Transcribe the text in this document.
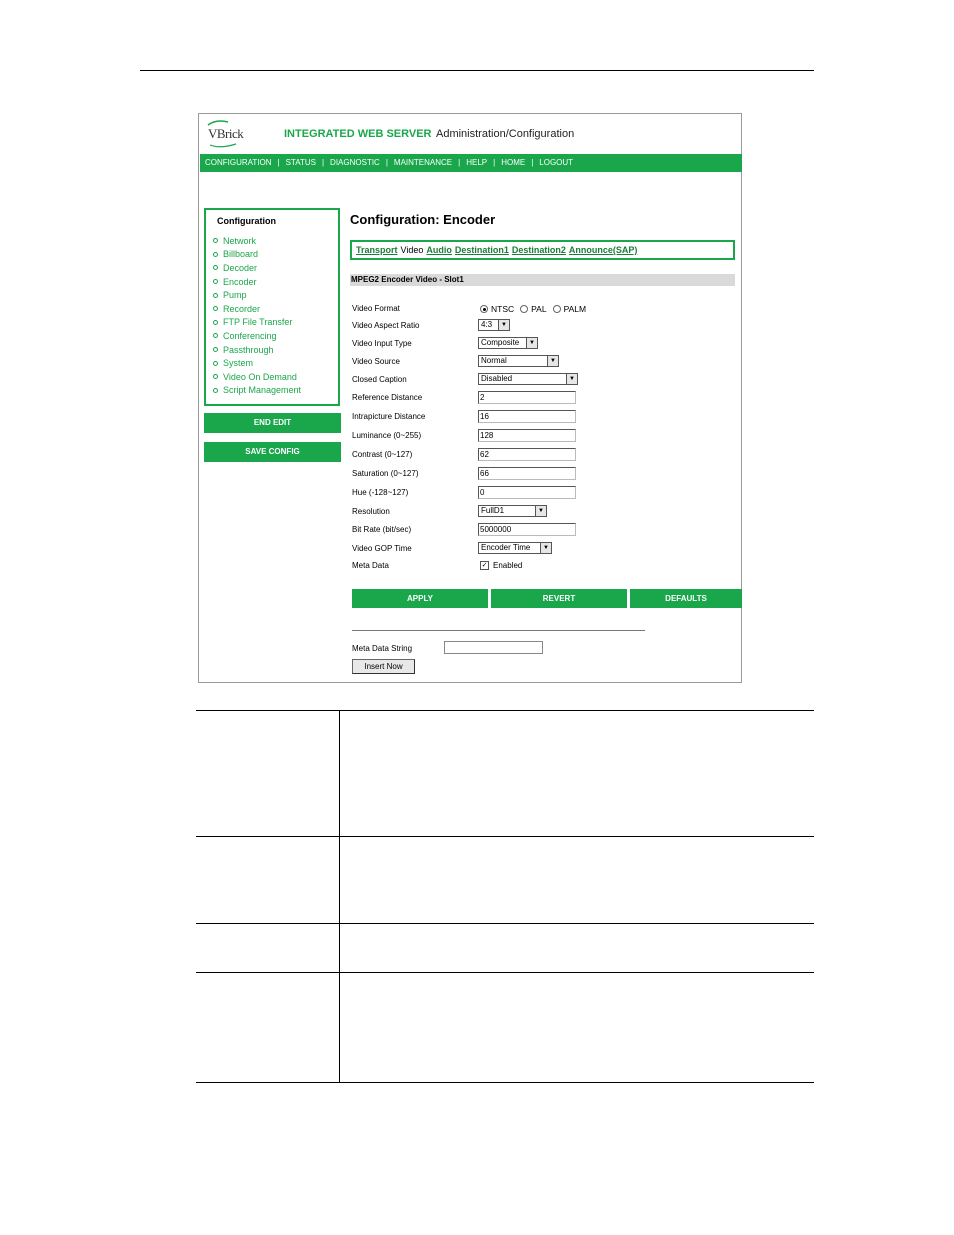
VBrick	INTEGRATED WEB SERVER Administration/Configuration
CONFIGURATION | STATUS | DIAGNOSTIC | MAINTENANCE | HELP | HOME | LOGOUT
Configuration
Network
Billboard
Decoder
Encoder
Pump
Recorder
FTP File Transfer
Conferencing
Passthrough
System
Video On Demand
Script Management
END EDIT
SAVE CONFIG
Configuration: Encoder
Transport Video Audio Destination1 Destination2 Announce(SAP)
MPEG2 Encoder Video - Slot1
Video Format	NTSC PAL PALM
Video Aspect Ratio	4:3	▼
Video Input Type	Composite	▼
Video Source	Normal	▼
Closed Caption	Disabled	▼
Reference Distance	2
Intrapicture Distance	16
Luminance (0~255)	128
Contrast (0~127)	62
Saturation (0~127)	66
Hue (-128~127)	0
Resolution	FullD1	▼
Bit Rate (bit/sec)	5000000
Video GOP Time	Encoder Time	▼
Meta Data	✓ Enabled
APPLY	REVERT	DEFAULTS
Meta Data String
Insert Now
